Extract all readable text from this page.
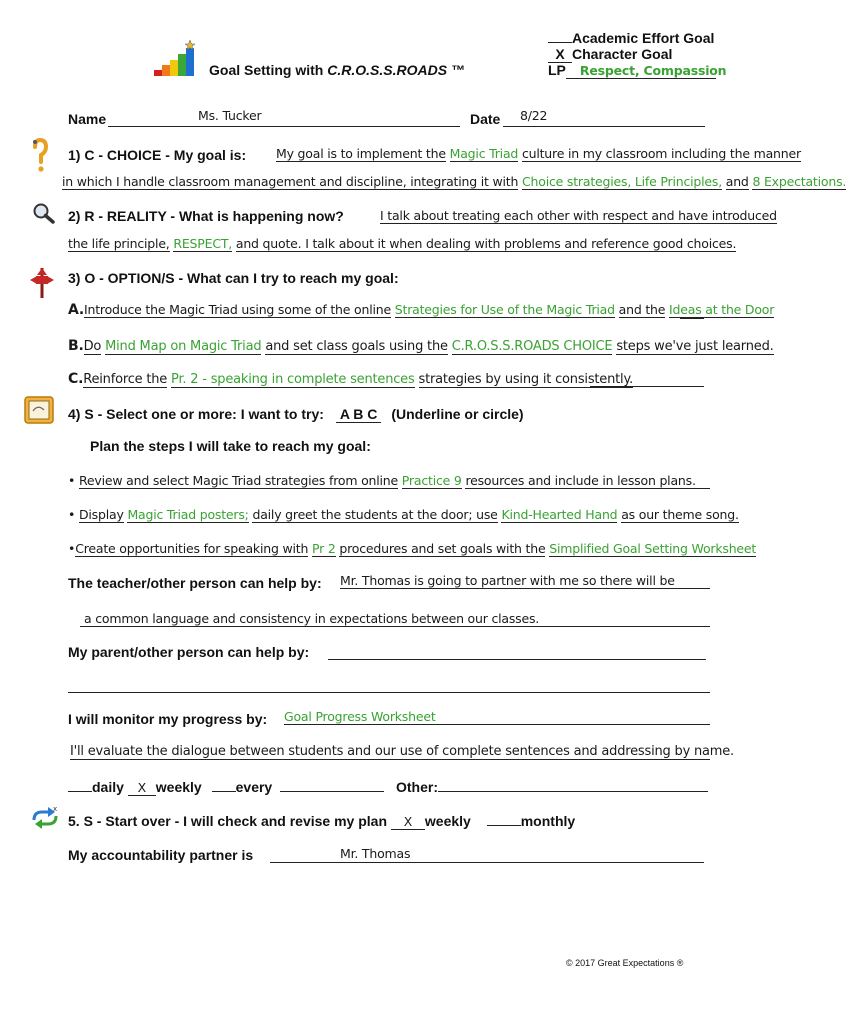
Goal Setting with C.R.O.S.S.ROADS ™
Academic Effort Goal
X Character Goal
LP Respect, Compassion
Name	Ms. Tucker	Date 8/22
1) C - CHOICE - My goal is: My goal is to implement the Magic Triad culture in my classroom including the manner
in which I handle classroom management and discipline, integrating it with Choice strategies, Life Principles, and 8 Expectations.
2) R - REALITY - What is happening now?	I talk about treating each other with respect and have introduced
the life principle, RESPECT, and quote. I talk about it when dealing with problems and reference good choices.
3) O - OPTION/S - What can I try to reach my goal:
A.Introduce the Magic Triad using some of the online Strategies for Use of the Magic Triad and the Ideas at the Door
B.Do Mind Map on Magic Triad and set class goals using the C.R.O.S.S.ROADS CHOICE steps we've just learned.
C.Reinforce the Pr. 2 - speaking in complete sentences strategies by using it consistently.
4) S - Select one or more: I want to try: A B C (Underline or circle)
Plan the steps I will take to reach my goal:
• Review and select Magic Triad strategies from online Practice 9 resources and include in lesson plans.
• Display Magic Triad posters; daily greet the students at the door; use Kind-Hearted Hand as our theme song.
•Create opportunities for speaking with Pr 2 procedures and set goals with the Simplified Goal Setting Worksheet
The teacher/other person can help by: Mr. Thomas is going to partner with me so there will be
a common language and consistency in expectations between our classes.
My parent/other person can help by:
I will monitor my progress by: Goal Progress Worksheet
I'll evaluate the dialogue between students and our use of complete sentences and addressing by name.
daily X weekly every	Other:
x
5. S - Start over - I will check and revise my plan X weekly	monthly
My accountability partner is	Mr. Thomas
© 2017 Great Expectations ®
